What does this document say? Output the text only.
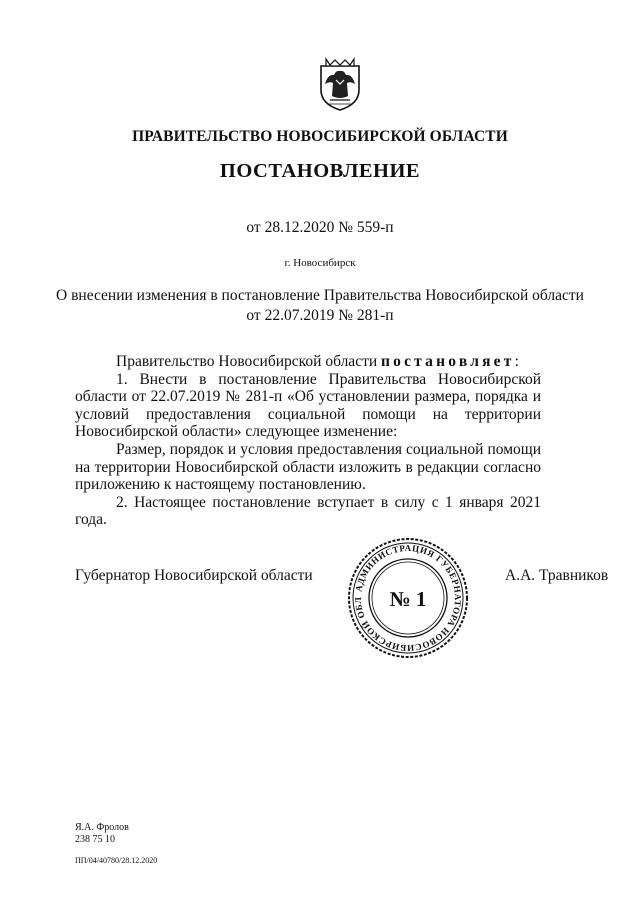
ПРАВИТЕЛЬСТВО НОВОСИБИРСКОЙ ОБЛАСТИ
ПОСТАНОВЛЕНИЕ
от 28.12.2020 № 559-п
г. Новосибирск
О внесении изменения в постановление Правительства Новосибирской области
от 22.07.2019 № 281-п

Правительство Новосибирской области постановляет:

1. Внести в постановление Правительства Новосибирской области от 22.07.2019 № 281-п «Об установлении размера, порядка и условий предоставления социальной помощи на территории Новосибирской области» следующее изменение:

Размер, порядок и условия предоставления социальной помощи на территории Новосибирской области изложить в редакции согласно приложению к настоящему постановлению.

2. Настоящее постановление вступает в силу с 1 января 2021 года.

Губернатор Новосибирской области	А.А. Травников
АДМИНИСТРАЦИЯ ГУБЕРНАТОРА НОВОСИБИРСКОЙ ОБЛ	№ 1
Я.А. Фролов
238 75 10
ПП/04/40780/28.12.2020
